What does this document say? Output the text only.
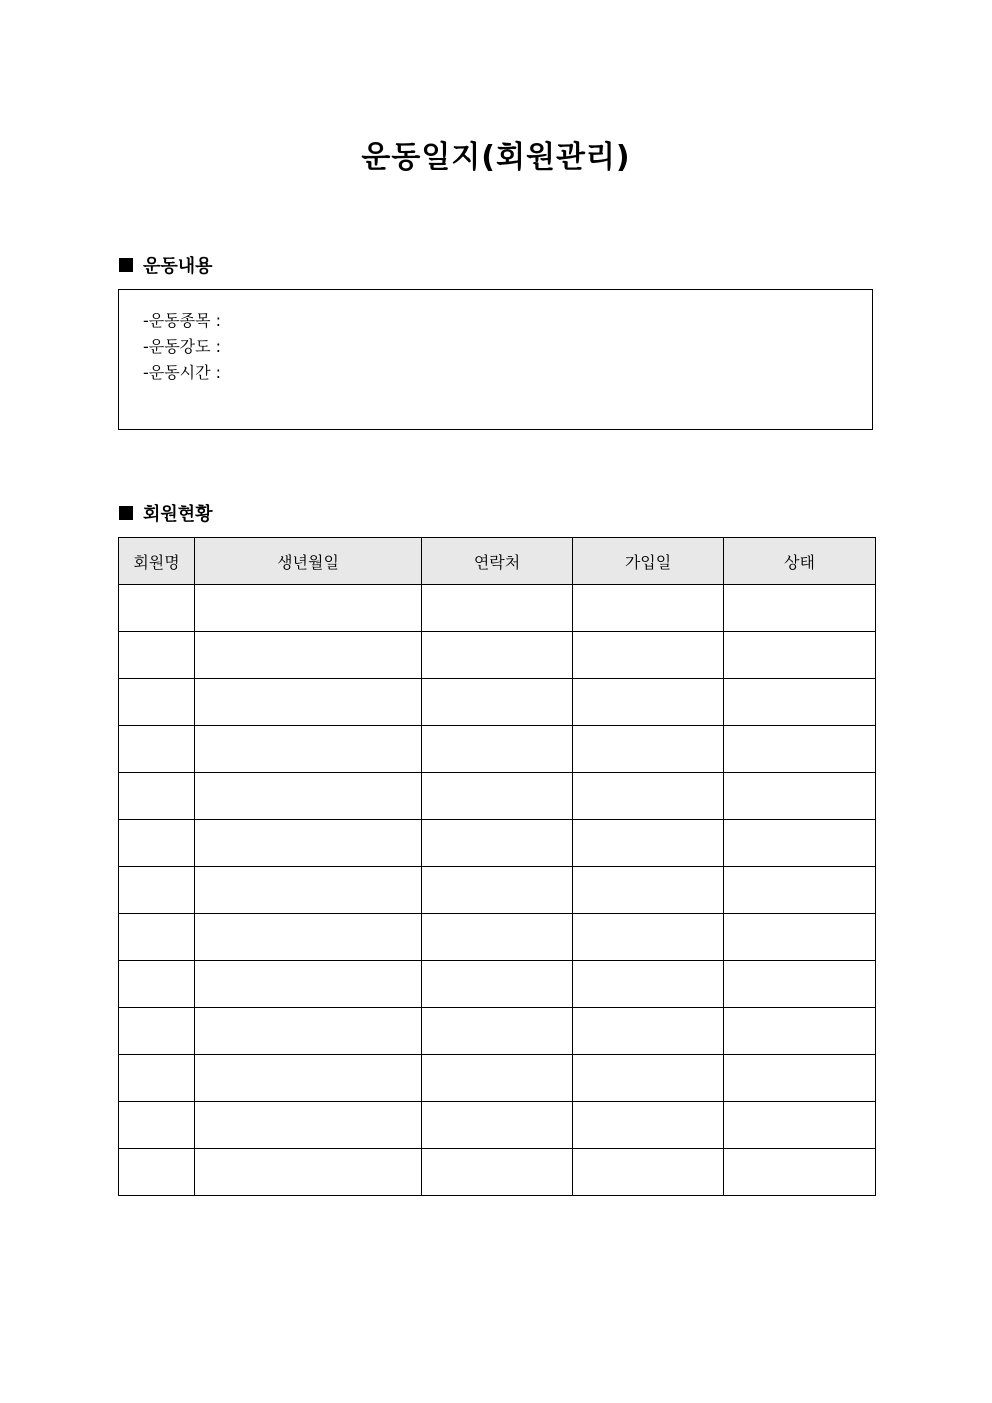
운동일지(회원관리)
운동내용
-운동종목 :
-운동강도 :
-운동시간 :
회원현황
회원명	생년월일	연락처	가입일	상태
